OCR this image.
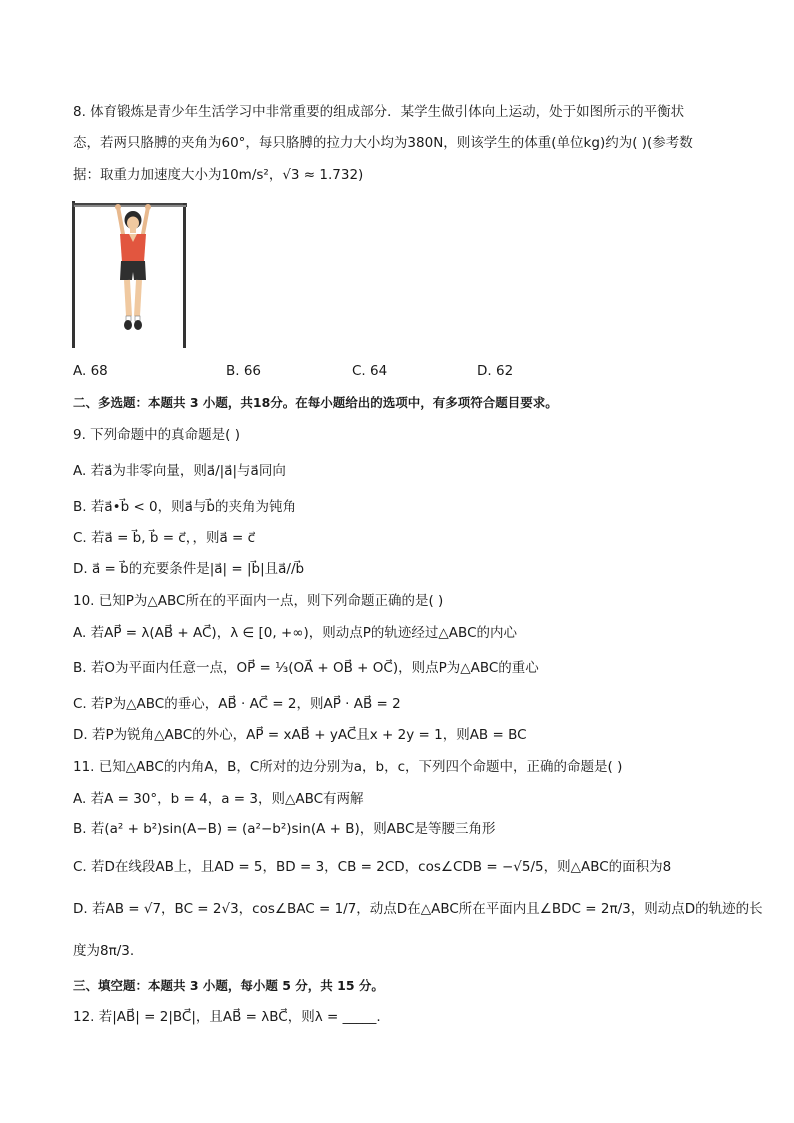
8. 体育锻炼是青少年生活学习中非常重要的组成部分．某学生做引体向上运动，处于如图所示的平衡状
态，若两只胳膊的夹角为60°，每只胳膊的拉力大小均为380N，则该学生的体重(单位kg)约为( )(参考数
据：取重力加速度大小为10m/s²，√3 ≈ 1.732)
A. 68	B. 66	C. 64	D. 62
二、多选题：本题共 3 小题，共18分。在每小题给出的选项中，有多项符合题目要求。
9. 下列命题中的真命题是( )
A. 若a⃗为非零向量，则a⃗/|a⃗|与a⃗同向
B. 若a⃗•b⃗ < 0，则a⃗与b⃗的夹角为钝角
C. 若a⃗ = b⃗, b⃗ = c⃗，，则a⃗ = c⃗
D. a⃗ = b⃗的充要条件是|a⃗| = |b⃗|且a⃗//b⃗
10. 已知P为△ABC所在的平面内一点，则下列命题正确的是( )
A. 若AP⃗ = λ(AB⃗ + AC⃗)，λ ∈ [0, +∞)，则动点P的轨迹经过△ABC的内心
B. 若O为平面内任意一点，OP⃗ = ⅓(OA⃗ + OB⃗ + OC⃗)，则点P为△ABC的重心
C. 若P为△ABC的垂心，AB⃗ · AC⃗ = 2，则AP⃗ · AB⃗ = 2
D. 若P为锐角△ABC的外心，AP⃗ = xAB⃗ + yAC⃗且x + 2y = 1，则AB = BC
11. 已知△ABC的内角A，B，C所对的边分别为a，b，c，下列四个命题中，正确的命题是( )
A. 若A = 30°，b = 4，a = 3，则△ABC有两解
B. 若(a² + b²)sin(A−B) = (a²−b²)sin(A + B)，则ABC是等腰三角形
C. 若D在线段AB上，且AD = 5，BD = 3，CB = 2CD，cos∠CDB = −√5/5，则△ABC的面积为8
D. 若AB = √7，BC = 2√3，cos∠BAC = 1/7，动点D在△ABC所在平面内且∠BDC = 2π/3，则动点D的轨迹的长
度为8π/3.
三、填空题：本题共 3 小题，每小题 5 分，共 15 分。
12. 若|AB⃗| = 2|BC⃗|，且AB⃗ = λBC⃗，则λ = _____.
